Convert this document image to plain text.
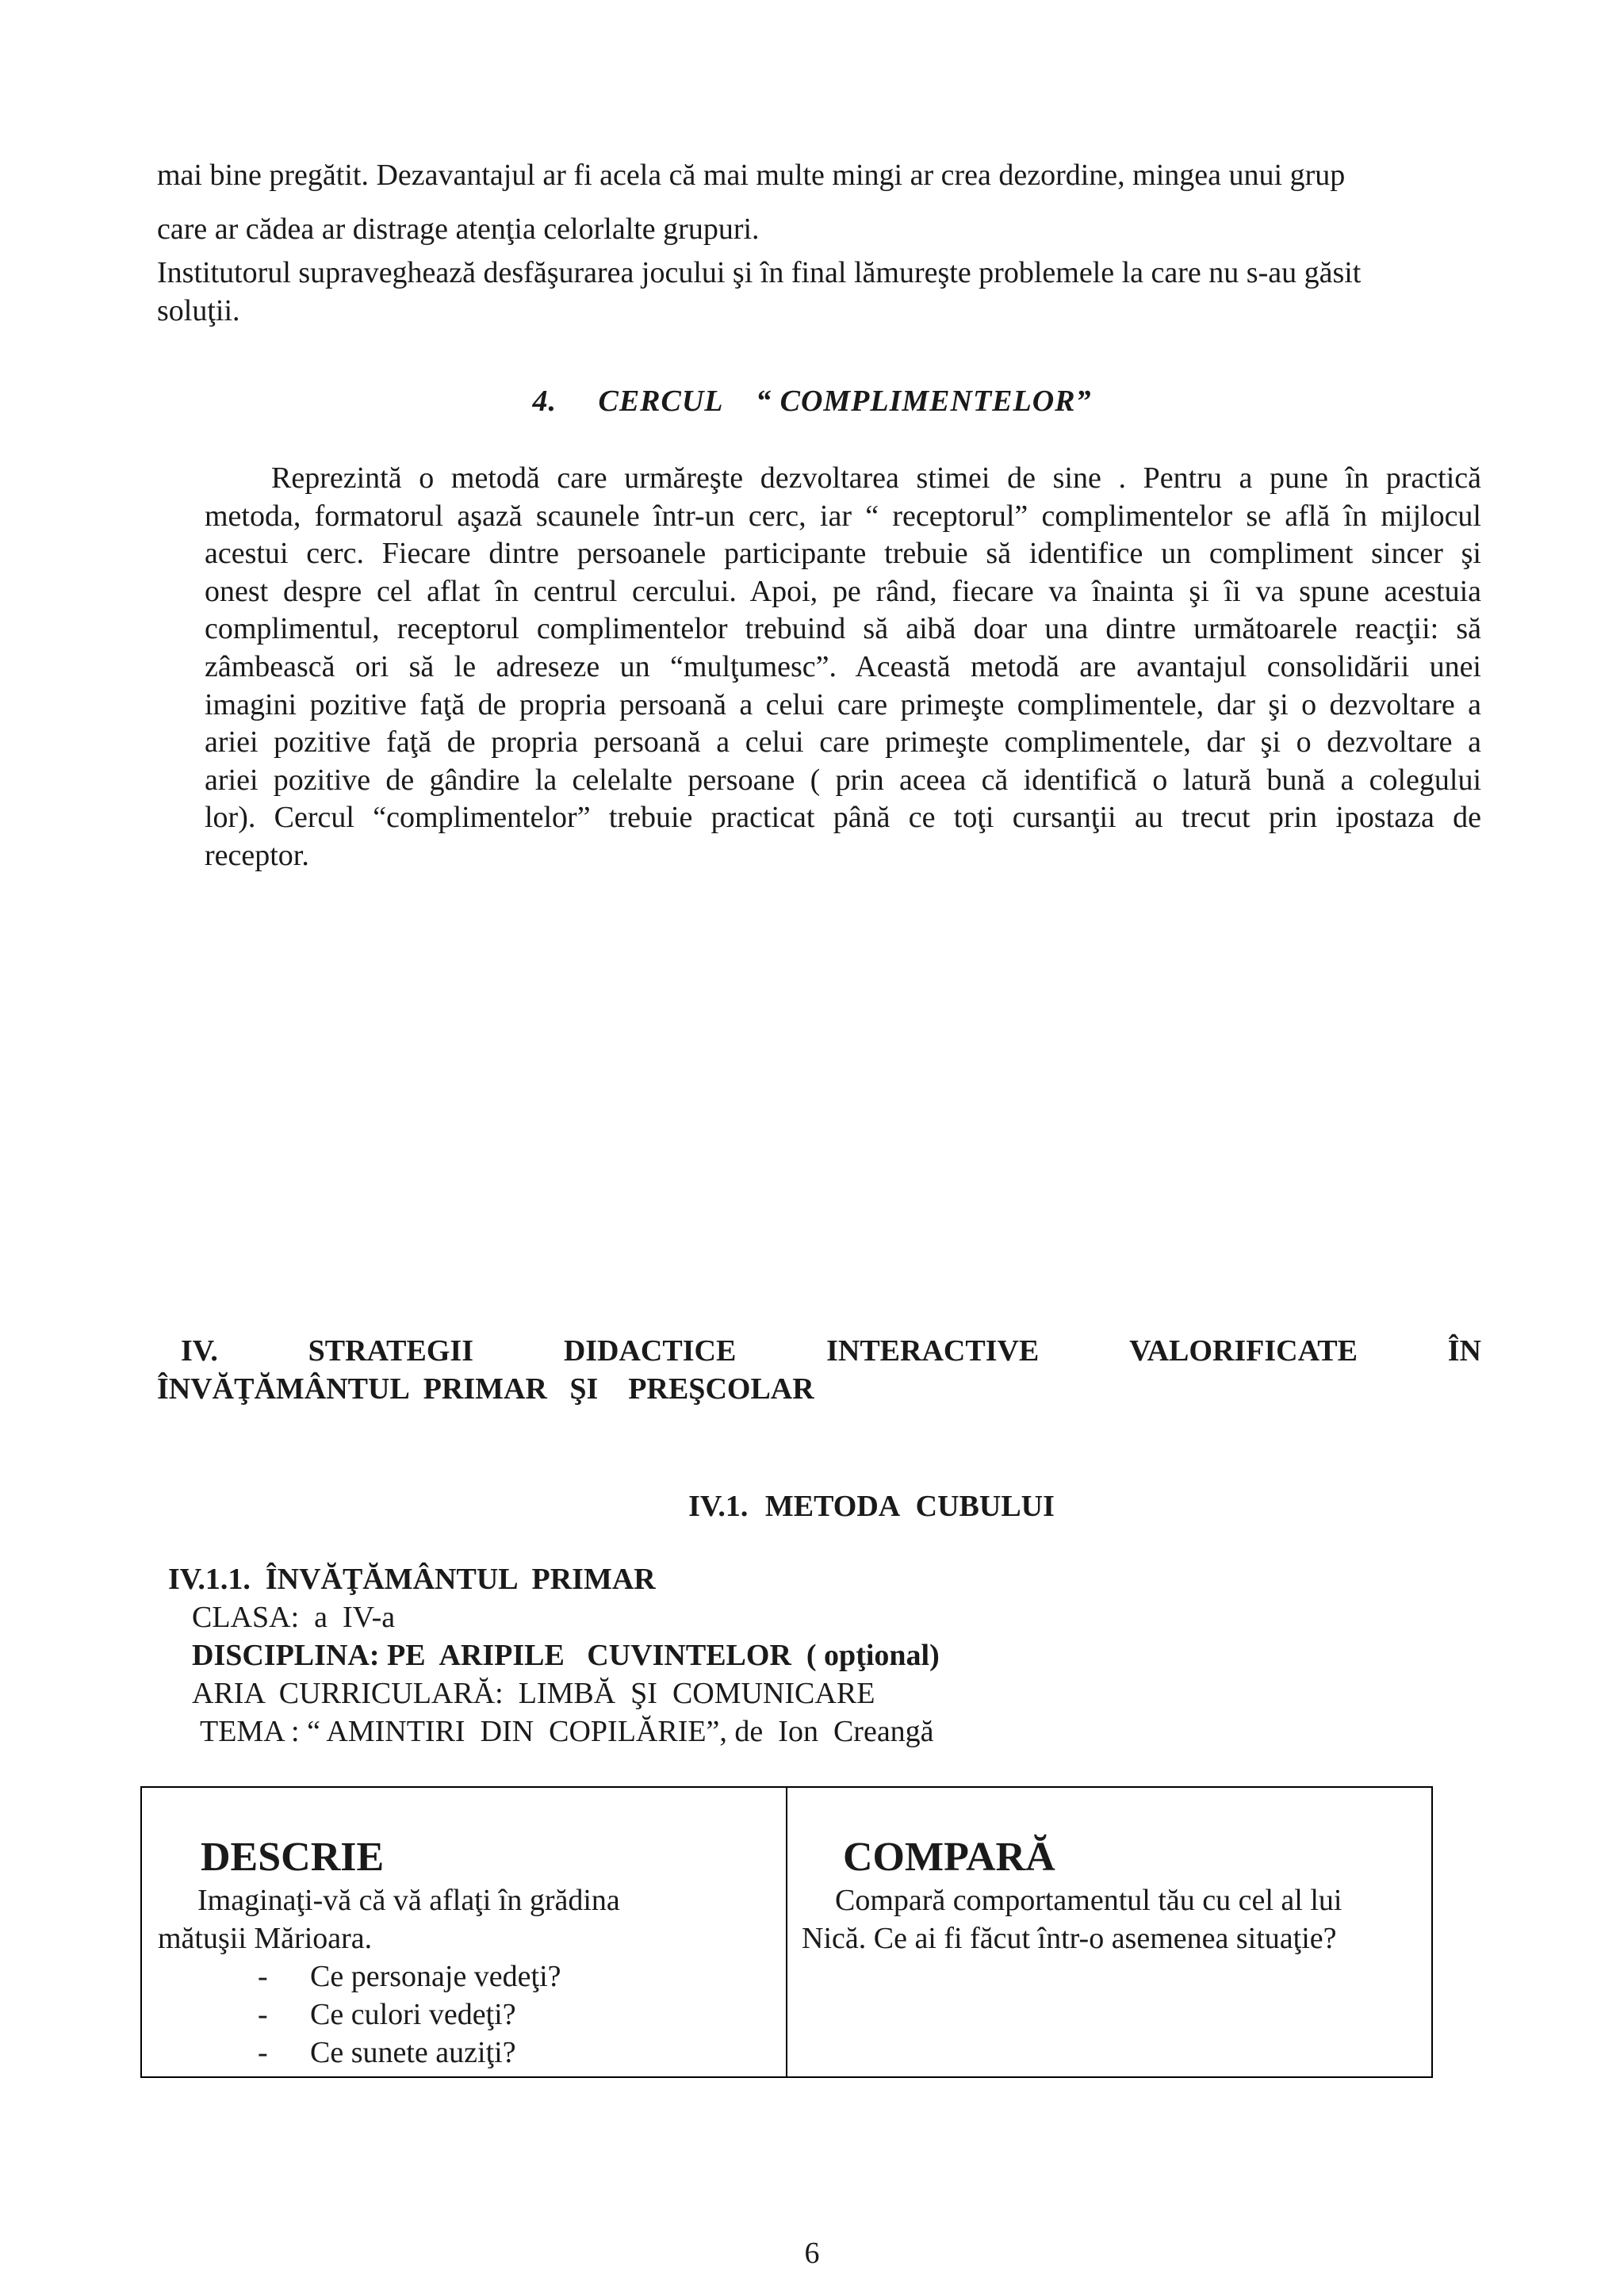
mai bine pregătit. Dezavantajul ar fi acela că mai multe mingi ar crea dezordine, mingea unui grup
care ar cădea ar distrage atenţia celorlalte grupuri.
Institutorul supraveghează desfăşurarea jocului şi în final lămureşte problemele la care nu s-au găsit
soluţii.
4.     CERCUL    “ COMPLIMENTELOR”
Reprezintă o metodă care urmăreşte dezvoltarea stimei de sine . Pentru a pune în practică metoda, formatorul aşază scaunele într-un cerc, iar “ receptorul” complimentelor se află în mijlocul acestui cerc. Fiecare dintre persoanele participante trebuie să identifice un compliment sincer şi onest despre cel aflat în centrul cercului. Apoi, pe rând, fiecare va înainta şi îi va spune acestuia complimentul, receptorul complimentelor trebuind să aibă doar una dintre următoarele reacţii: să zâmbească ori să le adreseze un “mulţumesc”. Această metodă are avantajul consolidării unei imagini pozitive faţă de propria persoană a celui care primeşte complimentele, dar şi o dezvoltare a ariei pozitive faţă de propria persoană a celui care primeşte complimentele, dar şi o dezvoltare a ariei pozitive de gândire la celelalte persoane ( prin aceea că identifică o latură bună a colegului lor). Cercul “complimentelor” trebuie practicat până ce toţi cursanţii au trecut prin ipostaza de receptor.
IV.	STRATEGII	DIDACTICE	INTERACTIVE	VALORIFICATE	ÎN
ÎNVĂŢĂMÂNTUL  PRIMAR   ŞI    PREŞCOLAR
IV.1. METODA CUBULUI
IV.1.1.  ÎNVĂŢĂMÂNTUL  PRIMAR
CLASA:  a  IV-a
DISCIPLINA: PE  ARIPILE   CUVINTELOR  ( opţional)
ARIA  CURRICULARĂ:  LIMBĂ  ŞI  COMUNICARE
TEMA : “ AMINTIRI  DIN  COPILĂRIE”, de  Ion  Creangă
DESCRIE
Imaginaţi-vă că vă aflaţi în grădina
mătuşii Mărioara.
-	Ce personaje vedeţi?
-	Ce culori vedeţi?
-	Ce sunete auziţi?

COMPARĂ
Compară comportamentul tău cu cel al lui
Nică. Ce ai fi făcut într-o asemenea situaţie?
6
